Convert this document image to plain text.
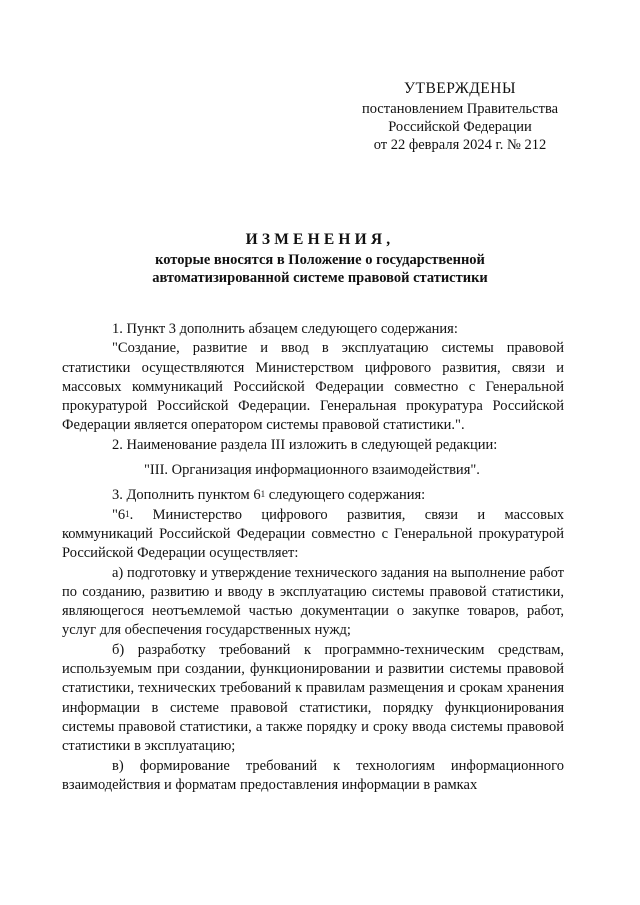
УТВЕРЖДЕНЫ
постановлением Правительства
Российской Федерации
от 22 февраля 2024 г. № 212
ИЗМЕНЕНИЯ,
которые вносятся в Положение о государственной
автоматизированной системе правовой статистики

1. Пункт 3 дополнить абзацем следующего содержания:

"Создание, развитие и ввод в эксплуатацию системы правовой статистики осуществляются Министерством цифрового развития, связи и массовых коммуникаций Российской Федерации совместно с Генеральной прокуратурой Российской Федерации. Генеральная прокуратура Российской Федерации является оператором системы правовой статистики.".

2. Наименование раздела III изложить в следующей редакции:

"III. Организация информационного взаимодействия".

3. Дополнить пунктом $6^1$ следующего содержания:

"$6^1$. Министерство цифрового развития, связи и массовых коммуникаций Российской Федерации совместно с Генеральной прокуратурой Российской Федерации осуществляет:

а) подготовку и утверждение технического задания на выполнение работ по созданию, развитию и вводу в эксплуатацию системы правовой статистики, являющегося неотъемлемой частью документации о закупке товаров, работ, услуг для обеспечения государственных нужд;

б) разработку требований к программно-техническим средствам, используемым при создании, функционировании и развитии системы правовой статистики, технических требований к правилам размещения и срокам хранения информации в системе правовой статистики, порядку функционирования системы правовой статистики, а также порядку и сроку ввода системы правовой статистики в эксплуатацию;

в) формирование требований к технологиям информационного взаимодействия и форматам предоставления информации в рамках
